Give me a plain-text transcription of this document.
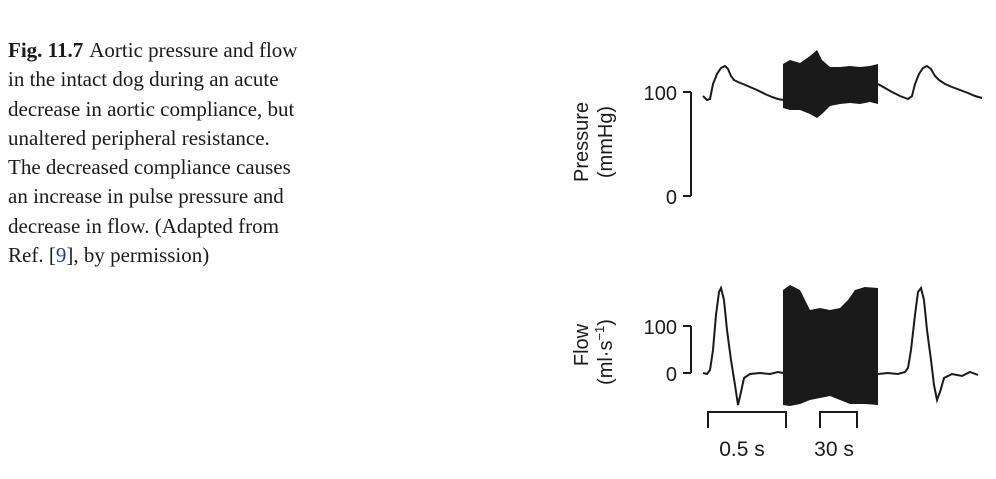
Fig. 11.7 Aortic pressure and flow in the intact dog during an acute decrease in aortic compliance, but unaltered peripheral resistance. The decreased compliance causes an increase in pulse pressure and decrease in flow. (Adapted from Ref. [9], by permission)
Pressure (mmHg)
100
0
Flow $(ml\cdot s^{-1})$ 100
0
0.5 s 30 s
